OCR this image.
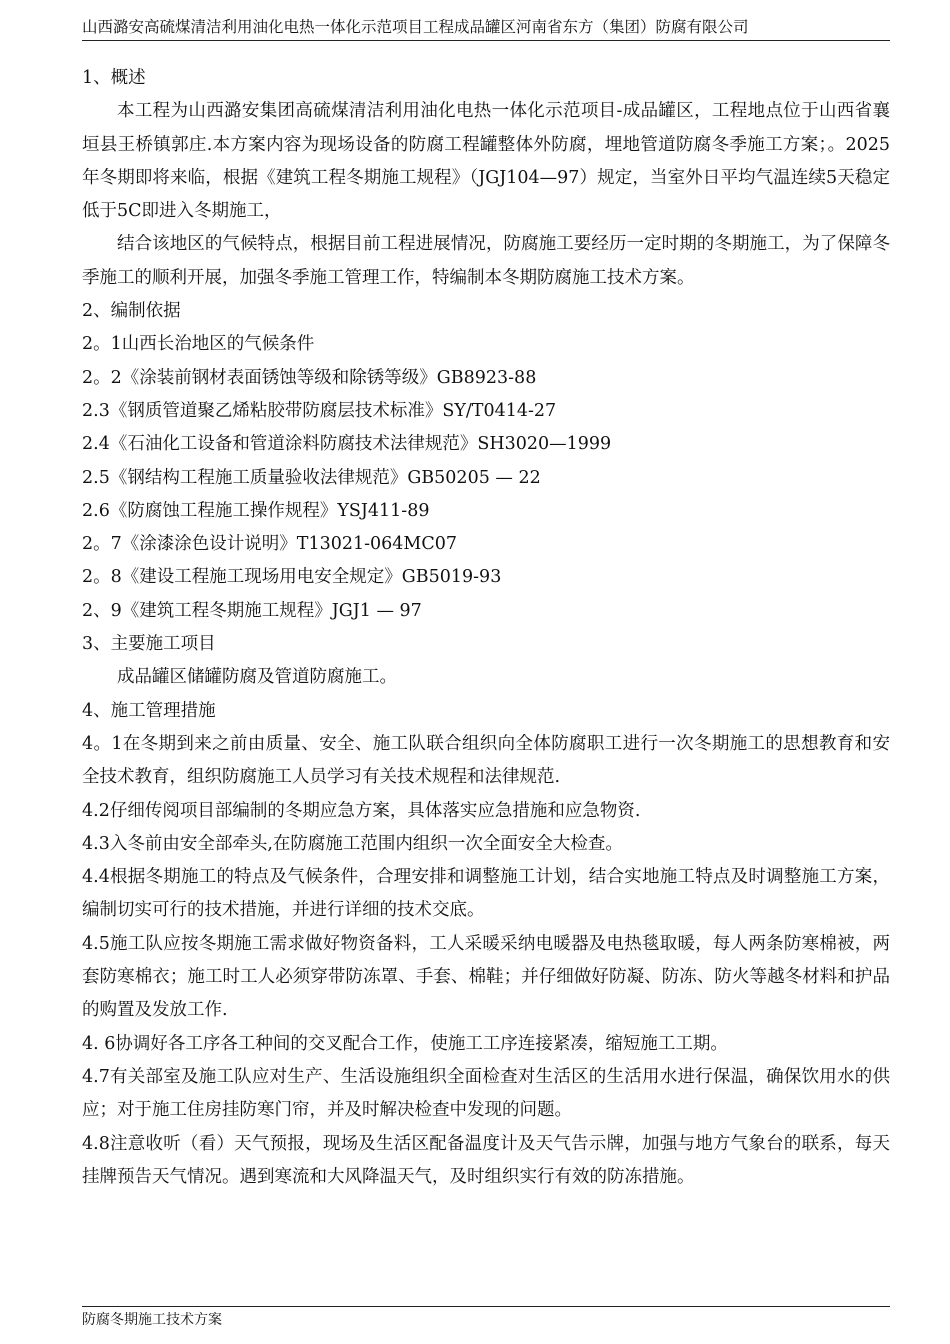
山西潞安高硫煤清洁利用油化电热一体化示范项目工程成品罐区河南省东方（集团）防腐有限公司

1、概述

本工程为山西潞安集团高硫煤清洁利用油化电热一体化示范项目-成品罐区，工程地点位于山西省襄垣县王桥镇郭庄.本方案内容为现场设备的防腐工程罐整体外防腐，埋地管道防腐冬季施工方案；。2025年冬期即将来临，根据《建筑工程冬期施工规程》（JGJ104—97）规定，当室外日平均气温连续5天稳定低于5C即进入冬期施工，

结合该地区的气候特点，根据目前工程进展情况，防腐施工要经历一定时期的冬期施工，为了保障冬季施工的顺利开展，加强冬季施工管理工作，特编制本冬期防腐施工技术方案。

2、编制依据

2。1山西长治地区的气候条件

2。2《涂装前钢材表面锈蚀等级和除锈等级》GB8923-88

2.3《钢质管道聚乙烯粘胶带防腐层技术标准》SY/T0414-27

2.4《石油化工设备和管道涂料防腐技术法律规范》SH3020—1999

2.5《钢结构工程施工质量验收法律规范》GB50205 — 22

2.6《防腐蚀工程施工操作规程》YSJ411-89

2。7《涂漆涂色设计说明》T13021-064MC07

2。8《建设工程施工现场用电安全规定》GB5019-93

2、9《建筑工程冬期施工规程》JGJ1 — 97

3、主要施工项目

成品罐区储罐防腐及管道防腐施工。

4、施工管理措施

4。1在冬期到来之前由质量、安全、施工队联合组织向全体防腐职工进行一次冬期施工的思想教育和安全技术教育，组织防腐施工人员学习有关技术规程和法律规范.

4.2仔细传阅项目部编制的冬期应急方案，具体落实应急措施和应急物资.

4.3入冬前由安全部牵头,在防腐施工范围内组织一次全面安全大检查。

4.4根据冬期施工的特点及气候条件，合理安排和调整施工计划，结合实地施工特点及时调整施工方案，编制切实可行的技术措施，并进行详细的技术交底。

4.5施工队应按冬期施工需求做好物资备料，工人采暖采纳电暖器及电热毯取暖，每人两条防寒棉被，两套防寒棉衣；施工时工人必须穿带防冻罩、手套、棉鞋；并仔细做好防凝、防冻、防火等越冬材料和护品的购置及发放工作.

4. 6协调好各工序各工种间的交叉配合工作，使施工工序连接紧凑，缩短施工工期。

4.7有关部室及施工队应对生产、生活设施组织全面检查对生活区的生活用水进行保温，确保饮用水的供应；对于施工住房挂防寒门帘，并及时解决检查中发现的问题。

4.8注意收听（看）天气预报，现场及生活区配备温度计及天气告示牌，加强与地方气象台的联系，每天挂牌预告天气情况。遇到寒流和大风降温天气，及时组织实行有效的防冻措施。

防腐冬期施工技术方案
